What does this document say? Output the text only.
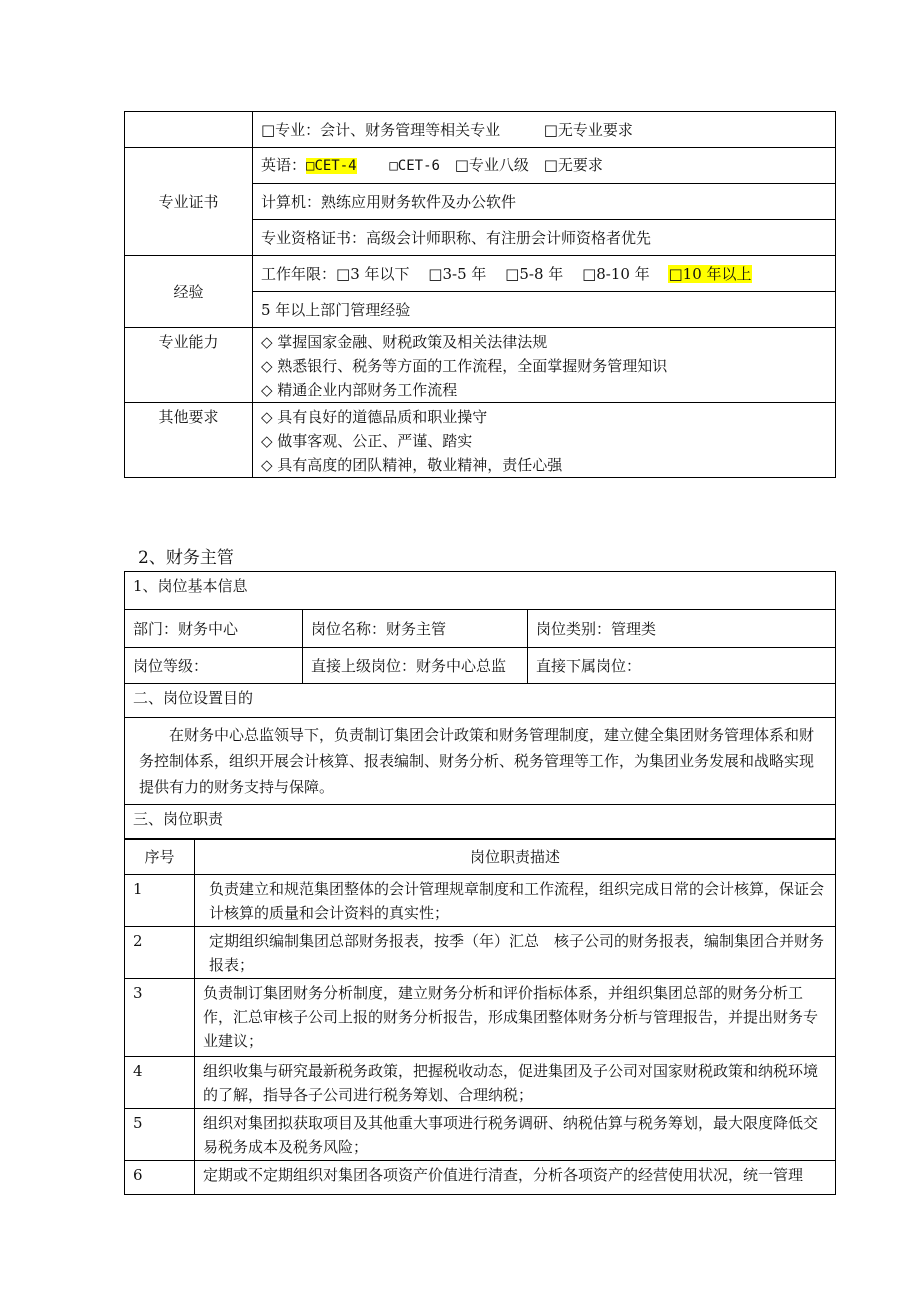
	□专业：会计、财务管理等相关专业 □无专业要求
专业证书	英语：□CET-4 □CET-6 □专业八级 □无要求
	计算机：熟练应用财务软件及办公软件
	专业资格证书：高级会计师职称、有注册会计师资格者优先
经验	工作年限：□3 年以下 □3-5 年 □5-8 年 □8-10 年 □10 年以上
	5 年以上部门管理经验
专业能力	◇ 掌握国家金融、财税政策及相关法律法规
◇ 熟悉银行、税务等方面的工作流程，全面掌握财务管理知识
◇ 精通企业内部财务工作流程

其他要求	◇ 具有良好的道德品质和职业操守
◇ 做事客观、公正、严谨、踏实
◇ 具有高度的团队精神，敬业精神，责任心强
2、财务主管
1、岗位基本信息		
部门：财务中心	岗位名称：财务主管	岗位类别：管理类
岗位等级：	直接上级岗位：财务中心总监	直接下属岗位：
二、岗位设置目的		
在财务中心总监领导下，负责制订集团会计政策和财务管理制度，建立健全集团财务管理体系和财务控制体系，组织开展会计核算、报表编制、财务分析、税务管理等工作，为集团业务发展和战略实现提供有力的财务支持与保障。		
三、岗位职责		
序号	岗位职责描述
1	负责建立和规范集团整体的会计管理规章制度和工作流程，组织完成日常的会计核算，保证会计核算的质量和会计资料的真实性；
2	定期组织编制集团总部财务报表，按季（年）汇总　核子公司的财务报表，编制集团合并财务报表；
3	负责制订集团财务分析制度，建立财务分析和评价指标体系，并组织集团总部的财务分析工作，汇总审核子公司上报的财务分析报告，形成集团整体财务分析与管理报告，并提出财务专业建议；
4	组织收集与研究最新税务政策，把握税收动态，促进集团及子公司对国家财税政策和纳税环境的了解，指导各子公司进行税务筹划、合理纳税；
5	组织对集团拟获取项目及其他重大事项进行税务调研、纳税估算与税务筹划，最大限度降低交易税务成本及税务风险；
6	定期或不定期组织对集团各项资产价值进行清查，分析各项资产的经营使用状况，统一管理
